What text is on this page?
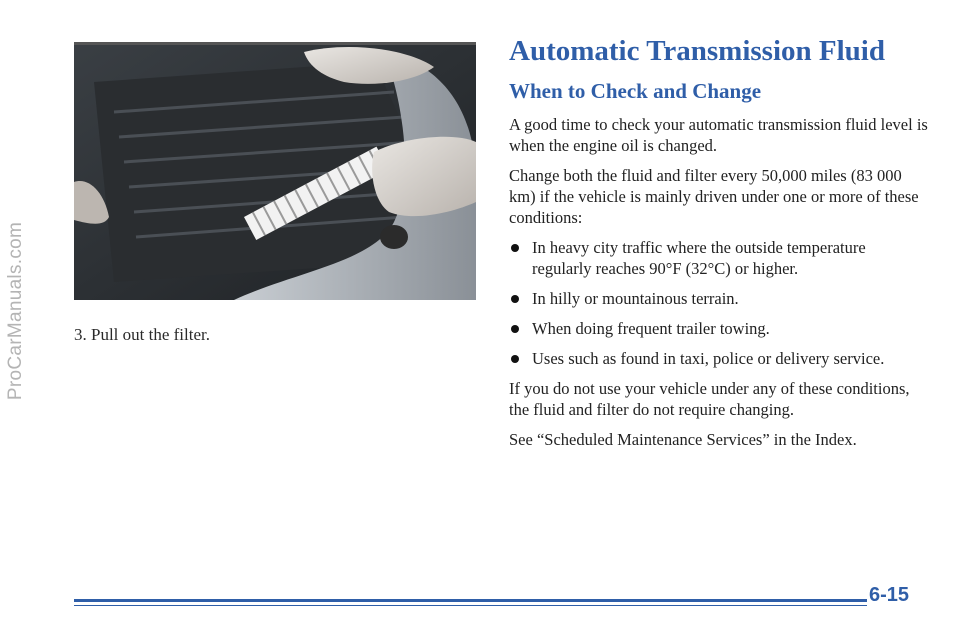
ProCarManuals.com	3. Pull out the filter.
Automatic Transmission Fluid
When to Check and Change

A good time to check your automatic transmission fluid level is when the engine oil is changed.

Change both the fluid and filter every 50,000 miles (83 000 km) if the vehicle is mainly driven under one or more of these conditions:

In heavy city traffic where the outside temperature regularly reaches 90°F (32°C) or higher.
In hilly or mountainous terrain.
When doing frequent trailer towing.
Uses such as found in taxi, police or delivery service.

If you do not use your vehicle under any of these conditions, the fluid and filter do not require changing.

See “Scheduled Maintenance Services” in the Index.

6-15
